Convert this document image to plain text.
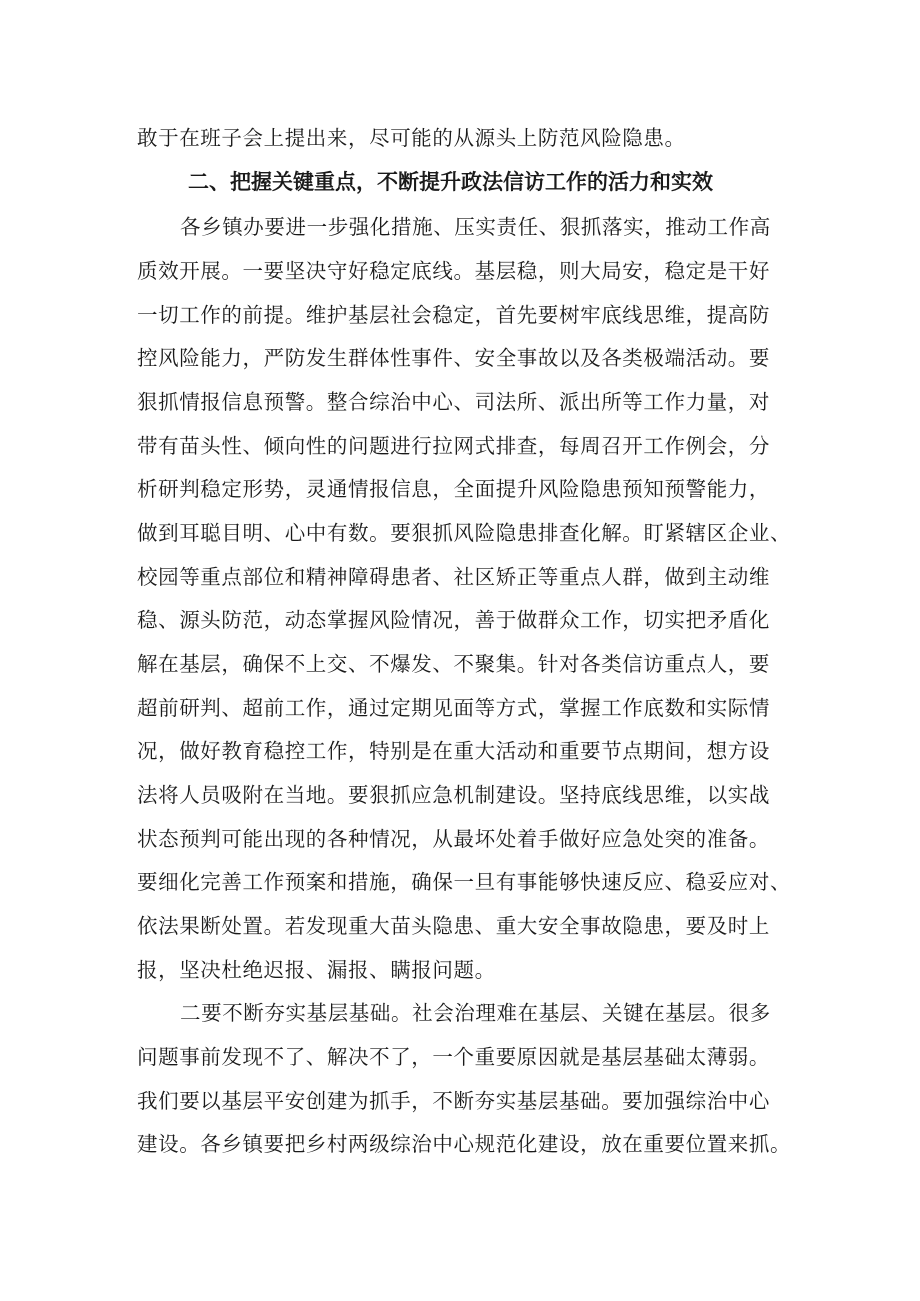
敢于在班子会上提出来，尽可能的从源头上防范风险隐患。
二、把握关键重点，不断提升政法信访工作的活力和实效
各乡镇办要进一步强化措施、压实责任、狠抓落实，推动工作高
质效开展。一要坚决守好稳定底线。基层稳，则大局安，稳定是干好
一切工作的前提。维护基层社会稳定，首先要树牢底线思维，提高防
控风险能力，严防发生群体性事件、安全事故以及各类极端活动。要
狠抓情报信息预警。整合综治中心、司法所、派出所等工作力量，对
带有苗头性、倾向性的问题进行拉网式排查，每周召开工作例会，分
析研判稳定形势，灵通情报信息，全面提升风险隐患预知预警能力，
做到耳聪目明、心中有数。要狠抓风险隐患排查化解。盯紧辖区企业、
校园等重点部位和精神障碍患者、社区矫正等重点人群，做到主动维
稳、源头防范，动态掌握风险情况，善于做群众工作，切实把矛盾化
解在基层，确保不上交、不爆发、不聚集。针对各类信访重点人，要
超前研判、超前工作，通过定期见面等方式，掌握工作底数和实际情
况，做好教育稳控工作，特别是在重大活动和重要节点期间，想方设
法将人员吸附在当地。要狠抓应急机制建设。坚持底线思维，以实战
状态预判可能出现的各种情况，从最坏处着手做好应急处突的准备。
要细化完善工作预案和措施，确保一旦有事能够快速反应、稳妥应对、
依法果断处置。若发现重大苗头隐患、重大安全事故隐患，要及时上
报，坚决杜绝迟报、漏报、瞒报问题。
二要不断夯实基层基础。社会治理难在基层、关键在基层。很多
问题事前发现不了、解决不了，一个重要原因就是基层基础太薄弱。
我们要以基层平安创建为抓手，不断夯实基层基础。要加强综治中心
建设。各乡镇要把乡村两级综治中心规范化建设，放在重要位置来抓。
